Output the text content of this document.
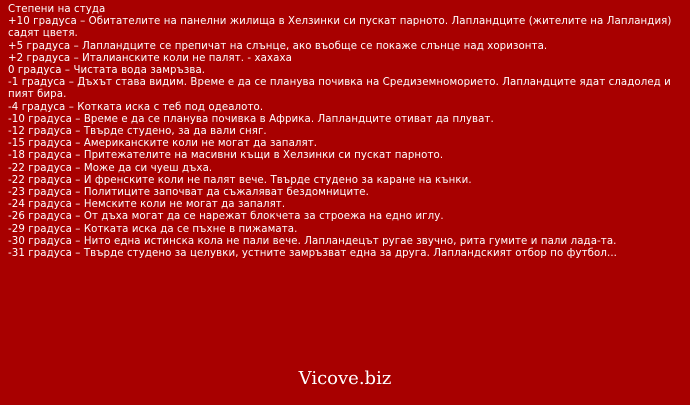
Степени на студа
+10 градуса – Обитателите на панелни жилища в Хелзинки си пускат парното. Лапландците (жителите на Лапландия) садят цветя.
+5 градуса – Лапландците се препичат на слънце, ако въобще се покаже слънце над хоризонта.
+2 градуса – Италианските коли не палят. - хахаха
0 градуса – Чистата вода замръзва.
-1 градуса – Дъхът става видим. Време е да се планува почивка на Средиземноморието. Лапландците ядат сладолед и пият бира.
-4 градуса – Котката иска с теб под одеалото.
-10 градуса – Време е да се планува почивка в Африка. Лапландците отиват да плуват.
-12 градуса – Твърде студено, за да вали сняг.
-15 градуса – Американските коли не могат да запалят.
-18 градуса – Притежателите на масивни къщи в Хелзинки си пускат парното.
-22 градуса – Може да си чуеш дъха.
-22 градуса – И френските коли не палят вече. Твърде студено за каране на кънки.
-23 градуса – Политиците започват да съжаляват бездомниците.
-24 градуса – Немските коли не могат да запалят.
-26 градуса – От дъха могат да се нарежат блокчета за строежа на едно иглу.
-29 градуса – Котката иска да се пъхне в пижамата.
-30 градуса – Нито една истинска кола не пали вече. Лапландецът ругае звучно, рита гумите и пали лада-та.
-31 градуса – Твърде студено за целувки, устните замръзват една за друга. Лапландският отбор по футбол...
Vicove.biz
